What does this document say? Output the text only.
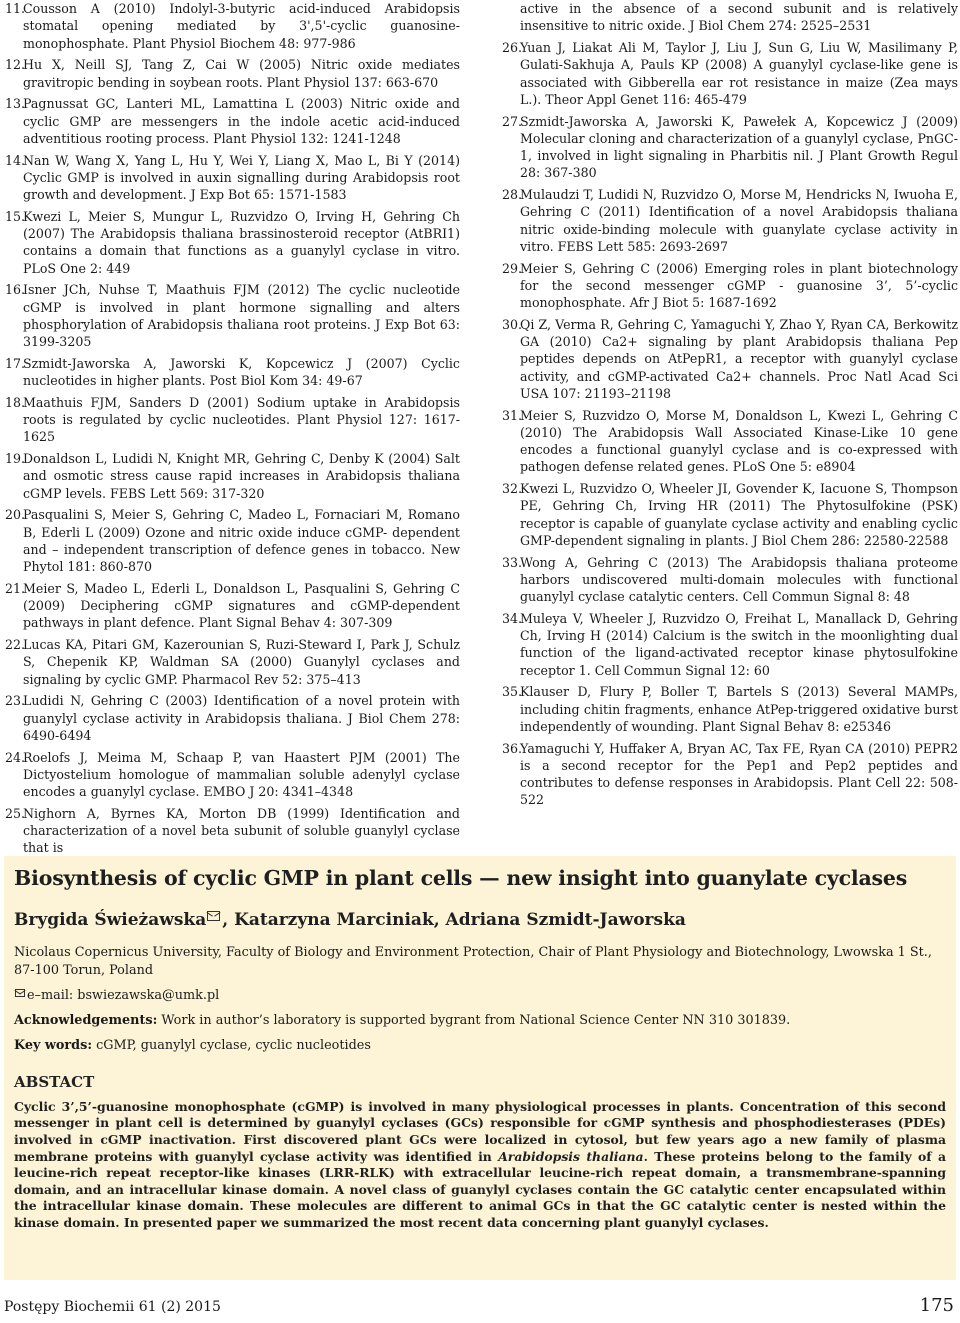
11.
Cousson A (2010) Indolyl-3-butyric acid-induced Arabidopsis stomatal opening mediated by 3',5'-cyclic guanosine-monophosphate. Plant Physiol Biochem 48: 977-986
12.
Hu X, Neill SJ, Tang Z, Cai W (2005) Nitric oxide mediates gravitropic bending in soybean roots. Plant Physiol 137: 663-670
13.
Pagnussat GC, Lanteri ML, Lamattina L (2003) Nitric oxide and cyclic GMP are messengers in the indole acetic acid-induced adventitious rooting process. Plant Physiol 132: 1241-1248
14.
Nan W, Wang X, Yang L, Hu Y, Wei Y, Liang X, Mao L, Bi Y (2014) Cyclic GMP is involved in auxin signalling during Arabidopsis root growth and development. J Exp Bot 65: 1571-1583
15.
Kwezi L, Meier S, Mungur L, Ruzvidzo O, Irving H, Gehring Ch (2007) The Arabidopsis thaliana brassinosteroid receptor (AtBRI1) contains a domain that functions as a guanylyl cyclase in vitro. PLoS One 2: 449
16.
Isner JCh, Nuhse T, Maathuis FJM (2012) The cyclic nucleotide cGMP is involved in plant hormone signalling and alters phosphorylation of Arabidopsis thaliana root proteins. J Exp Bot 63: 3199-3205
17.
Szmidt-Jaworska A, Jaworski K, Kopcewicz J (2007) Cyclic nucleotides in higher plants. Post Biol Kom 34: 49-67
18.
Maathuis FJM, Sanders D (2001) Sodium uptake in Arabidopsis roots is regulated by cyclic nucleotides. Plant Physiol 127: 1617-1625
19.
Donaldson L, Ludidi N, Knight MR, Gehring C, Denby K (2004) Salt and osmotic stress cause rapid increases in Arabidopsis thaliana cGMP levels. FEBS Lett 569: 317-320
20.
Pasqualini S, Meier S, Gehring C, Madeo L, Fornaciari M, Romano B, Ederli L (2009) Ozone and nitric oxide induce cGMP- dependent and – independent transcription of defence genes in tobacco. New Phytol 181: 860-870
21.
Meier S, Madeo L, Ederli L, Donaldson L, Pasqualini S, Gehring C (2009) Deciphering cGMP signatures and cGMP-dependent pathways in plant defence. Plant Signal Behav 4: 307-309
22.
Lucas KA, Pitari GM, Kazerounian S, Ruzi-Steward I, Park J, Schulz S, Chepenik KP, Waldman SA (2000) Guanylyl cyclases and signaling by cyclic GMP. Pharmacol Rev 52: 375–413
23.
Ludidi N, Gehring C (2003) Identification of a novel protein with guanylyl cyclase activity in Arabidopsis thaliana. J Biol Chem 278: 6490-6494
24.
Roelofs J, Meima M, Schaap P, van Haastert PJM (2001) The Dictyostelium homologue of mammalian soluble adenylyl cyclase encodes a guanylyl cyclase. EMBO J 20: 4341–4348
25.
Nighorn A, Byrnes KA, Morton DB (1999) Identification and characterization of a novel beta subunit of soluble guanylyl cyclase that is
active in the absence of a second subunit and is relatively insensitive to nitric oxide. J Biol Chem 274: 2525–2531
26.
Yuan J, Liakat Ali M, Taylor J, Liu J, Sun G, Liu W, Masilimany P, Gulati-Sakhuja A, Pauls KP (2008) A guanylyl cyclase-like gene is associated with Gibberella ear rot resistance in maize (Zea mays L.). Theor Appl Genet 116: 465-479
27.
Szmidt-Jaworska A, Jaworski K, Pawełek A, Kopcewicz J (2009) Molecular cloning and characterization of a guanylyl cyclase, PnGC-1, involved in light signaling in Pharbitis nil. J Plant Growth Regul 28: 367-380
28.
Mulaudzi T, Ludidi N, Ruzvidzo O, Morse M, Hendricks N, Iwuoha E, Gehring C (2011) Identification of a novel Arabidopsis thaliana nitric oxide-binding molecule with guanylate cyclase activity in vitro. FEBS Lett 585: 2693-2697
29.
Meier S, Gehring C (2006) Emerging roles in plant biotechnology for the second messenger cGMP - guanosine 3’, 5’-cyclic monophosphate. Afr J Biot 5: 1687-1692
30.
Qi Z, Verma R, Gehring C, Yamaguchi Y, Zhao Y, Ryan CA, Berkowitz GA (2010) Ca2+ signaling by plant Arabidopsis thaliana Pep peptides depends on AtPepR1, a receptor with guanylyl cyclase activity, and cGMP-activated Ca2+ channels. Proc Natl Acad Sci USA 107: 21193–21198
31.
Meier S, Ruzvidzo O, Morse M, Donaldson L, Kwezi L, Gehring C (2010) The Arabidopsis Wall Associated Kinase-Like 10 gene encodes a functional guanylyl cyclase and is co-expressed with pathogen defense related genes. PLoS One 5: e8904
32.
Kwezi L, Ruzvidzo O, Wheeler JI, Govender K, Iacuone S, Thompson PE, Gehring Ch, Irving HR (2011) The Phytosulfokine (PSK) receptor is capable of guanylate cyclase activity and enabling cyclic GMP-dependent signaling in plants. J Biol Chem 286: 22580-22588
33.
Wong A, Gehring C (2013) The Arabidopsis thaliana proteome harbors undiscovered multi-domain molecules with functional guanylyl cyclase catalytic centers. Cell Commun Signal 8: 48
34.
Muleya V, Wheeler J, Ruzvidzo O, Freihat L, Manallack D, Gehring Ch, Irving H (2014) Calcium is the switch in the moonlighting dual function of the ligand-activated receptor kinase phytosulfokine receptor 1. Cell Commun Signal 12: 60
35.
Klauser D, Flury P, Boller T, Bartels S (2013) Several MAMPs, including chitin fragments, enhance AtPep-triggered oxidative burst independently of wounding. Plant Signal Behav 8: e25346
36.
Yamaguchi Y, Huffaker A, Bryan AC, Tax FE, Ryan CA (2010) PEPR2 is a second receptor for the Pep1 and Pep2 peptides and contributes to defense responses in Arabidopsis. Plant Cell 22: 508-522
Biosynthesis of cyclic GMP in plant cells — new insight into guanylate cyclases
Brygida Świeżawska , Katarzyna Marciniak, Adriana Szmidt-Jaworska
Nicolaus Copernicus University, Faculty of Biology and Environment Protection, Chair of Plant Physiology and Biotechnology, Lwowska 1 St., 87-100 Torun, Poland
e–mail: bswiezawska@umk.pl
Acknowledgements: Work in author’s laboratory is supported bygrant from National Science Center NN 310 301839.
Key words: cGMP, guanylyl cyclase, cyclic nucleotides
ABSTACT
Cyclic 3’,5’-guanosine monophosphate (cGMP) is involved in many physiological processes in plants. Concentration of this second messenger in plant cell is determined by guanylyl cyclases (GCs) responsible for cGMP synthesis and phosphodiesterases (PDEs) involved in cGMP inactivation. First discovered plant GCs were localized in cytosol, but few years ago a new family of plasma membrane proteins with guanylyl cyclase activity was identified in Arabidopsis thaliana. These proteins belong to the family of a leucine-rich repeat receptor-like kinases (LRR-RLK) with extracellular leucine-rich repeat domain, a transmembrane-spanning domain, and an intracellular kinase domain. A novel class of guanylyl cyclases contain the GC catalytic center encapsulated within the intracellular kinase domain. These molecules are different to animal GCs in that the GC catalytic center is nested within the kinase domain. In presented paper we summarized the most recent data concerning plant guanylyl cyclases.
Postępy Biochemii 61 (2) 2015	175
